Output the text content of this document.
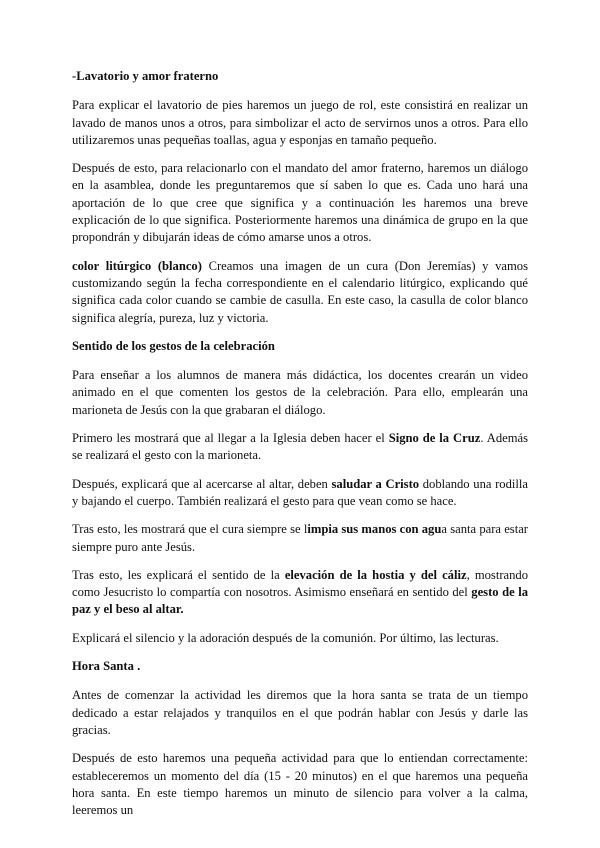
-Lavatorio y amor fraterno

Para explicar el lavatorio de pies haremos un juego de rol, este consistirá en realizar un lavado de manos unos a otros, para simbolizar el acto de servirnos unos a otros. Para ello utilizaremos unas pequeñas toallas, agua y esponjas en tamaño pequeño.

Después de esto, para relacionarlo con el mandato del amor fraterno, haremos un diálogo en la asamblea, donde les preguntaremos que sí saben lo que es. Cada uno hará una aportación de lo que cree que significa y a continuación les haremos una breve explicación de lo que significa. Posteriormente haremos una dinámica de grupo en la que propondrán y dibujarán ideas de cómo amarse unos a otros.

color litúrgico (blanco) Creamos una imagen de un cura (Don Jeremías) y vamos customizando según la fecha correspondiente en el calendario litúrgico, explicando qué significa cada color cuando se cambie de casulla. En este caso, la casulla de color blanco significa alegría, pureza, luz y victoria.

Sentido de los gestos de la celebración

Para enseñar a los alumnos de manera más didáctica, los docentes crearán un video animado en el que comenten los gestos de la celebración. Para ello, emplearán una marioneta de Jesús con la que grabaran el diálogo.

Primero les mostrará que al llegar a la Iglesia deben hacer el Signo de la Cruz. Además se realizará el gesto con la marioneta.

Después, explicará que al acercarse al altar, deben saludar a Cristo doblando una rodilla y bajando el cuerpo. También realizará el gesto para que vean como se hace.

Tras esto, les mostrará que el cura siempre se limpia sus manos con agua santa para estar siempre puro ante Jesús.

Tras esto, les explicará el sentido de la elevación de la hostia y del cáliz, mostrando como Jesucristo lo compartía con nosotros. Asimismo enseñará en sentido del gesto de la paz y el beso al altar.

Explicará el silencio y la adoración después de la comunión. Por último, las lecturas.

Hora Santa .

Antes de comenzar la actividad les diremos que la hora santa se trata de un tiempo dedicado a estar relajados y tranquilos en el que podrán hablar con Jesús y darle las gracias.

Después de esto haremos una pequeña actividad para que lo entiendan correctamente: estableceremos un momento del día (15 - 20 minutos) en el que haremos una pequeña hora santa. En este tiempo haremos un minuto de silencio para volver a la calma, leeremos un
